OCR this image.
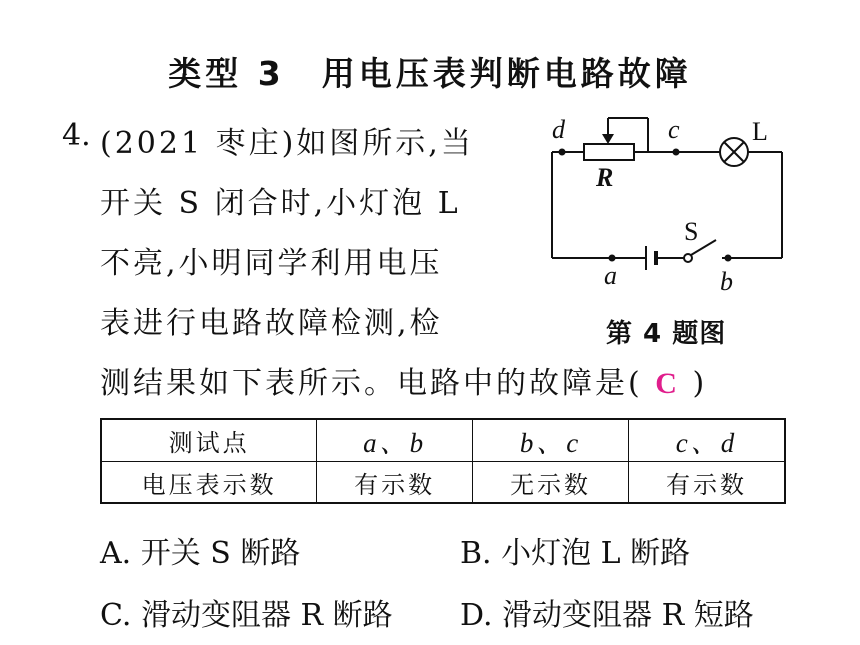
类型 3　用电压表判断电路故障
4. (2021 枣庄)如图所示,当
开关 S 闭合时,小灯泡 L
不亮,小明同学利用电压
表进行电路故障检测,检
测结果如下表所示。电路中的故障是( C )
d	c	L
R
S
a	b
第 4 题图
测试点	a、b	b、c	c、d
电压表示数	有示数	无示数	有示数
A. 开关 S 断路	B. 小灯泡 L 断路
C. 滑动变阻器 R 断路 D. 滑动变阻器 R 短路
